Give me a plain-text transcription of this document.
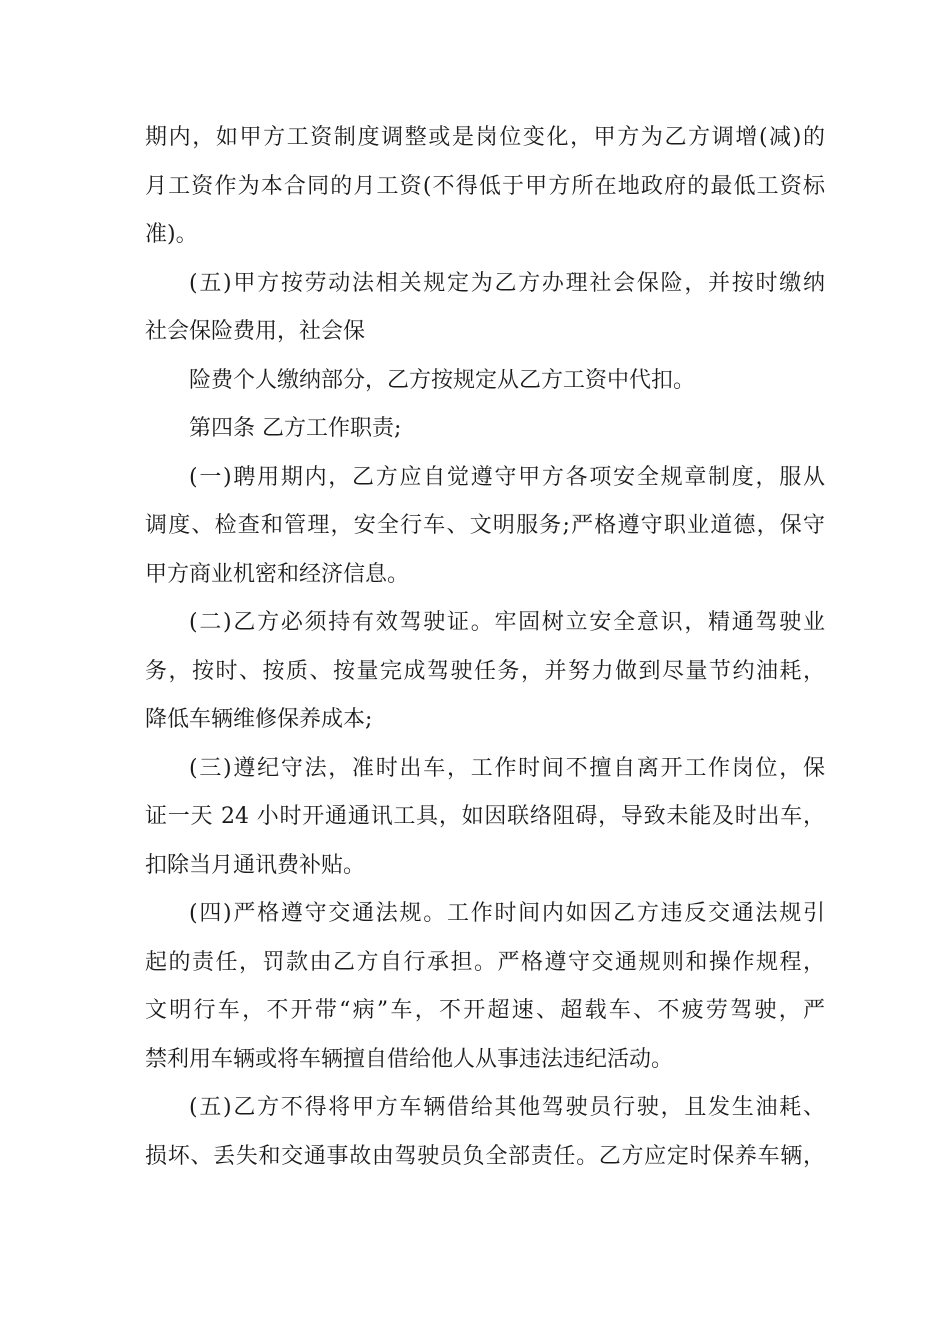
期内，如甲方工资制度调整或是岗位变化，甲方为乙方调增(减)的
月工资作为本合同的月工资(不得低于甲方所在地政府的最低工资标
准)。
(五)甲方按劳动法相关规定为乙方办理社会保险，并按时缴纳
社会保险费用，社会保
险费个人缴纳部分，乙方按规定从乙方工资中代扣。
第四条 乙方工作职责;
(一)聘用期内，乙方应自觉遵守甲方各项安全规章制度，服从
调度、检查和管理，安全行车、文明服务;严格遵守职业道德，保守
甲方商业机密和经济信息。
(二)乙方必须持有效驾驶证。牢固树立安全意识，精通驾驶业
务，按时、按质、按量完成驾驶任务，并努力做到尽量节约油耗，
降低车辆维修保养成本;
(三)遵纪守法，准时出车，工作时间不擅自离开工作岗位，保
证一天 24 小时开通通讯工具，如因联络阻碍，导致未能及时出车，
扣除当月通讯费补贴。
(四)严格遵守交通法规。工作时间内如因乙方违反交通法规引
起的责任，罚款由乙方自行承担。严格遵守交通规则和操作规程，
文明行车，不开带“病”车，不开超速、超载车、不疲劳驾驶，严
禁利用车辆或将车辆擅自借给他人从事违法违纪活动。
(五)乙方不得将甲方车辆借给其他驾驶员行驶，且发生油耗、
损坏、丢失和交通事故由驾驶员负全部责任。乙方应定时保养车辆，
